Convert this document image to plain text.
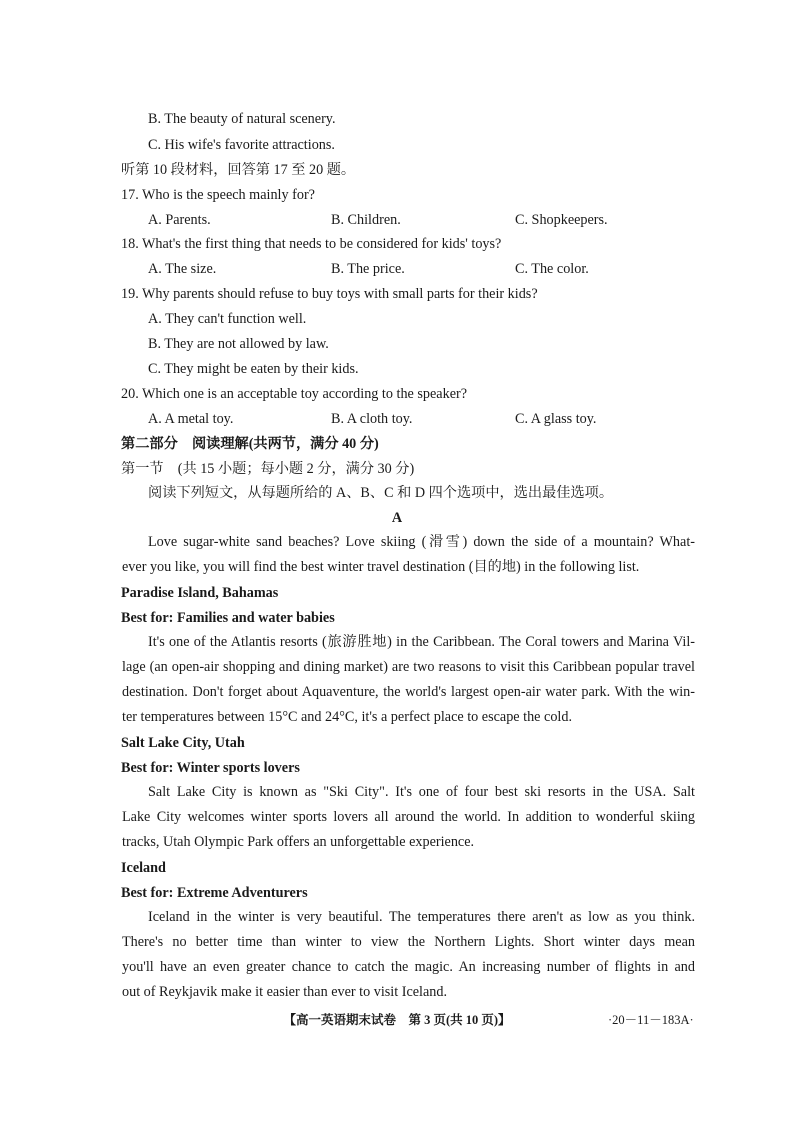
B. The beauty of natural scenery.
C. His wife's favorite attractions.
听第 10 段材料，回答第 17 至 20 题。
17. Who is the speech mainly for?
A. Parents.	B. Children.	C. Shopkeepers.
18. What's the first thing that needs to be considered for kids' toys?
A. The size.	B. The price.	C. The color.
19. Why parents should refuse to buy toys with small parts for their kids?
A. They can't function well.
B. They are not allowed by law.
C. They might be eaten by their kids.
20. Which one is an acceptable toy according to the speaker?
A. A metal toy.	B. A cloth toy.	C. A glass toy.
第二部分　阅读理解(共两节，满分 40 分)
第一节　(共 15 小题；每小题 2 分，满分 30 分)
阅读下列短文，从每题所给的 A、B、C 和 D 四个选项中，选出最佳选项。
A
Love sugar-white sand beaches? Love skiing (滑雪) down the side of a mountain? What-
ever you like, you will find the best winter travel destination (目的地) in the following list.
Paradise Island, Bahamas
Best for: Families and water babies
It's one of the Atlantis resorts (旅游胜地) in the Caribbean. The Coral towers and Marina Vil-
lage (an open-air shopping and dining market) are two reasons to visit this Caribbean popular travel
destination. Don't forget about Aquaventure, the world's largest open-air water park. With the win-
ter temperatures between 15°C and 24°C, it's a perfect place to escape the cold.
Salt Lake City, Utah
Best for: Winter sports lovers
Salt Lake City is known as "Ski City". It's one of four best ski resorts in the USA. Salt
Lake City welcomes winter sports lovers all around the world. In addition to wonderful skiing
tracks, Utah Olympic Park offers an unforgettable experience.
Iceland
Best for: Extreme Adventurers
Iceland in the winter is very beautiful. The temperatures there aren't as low as you think.
There's no better time than winter to view the Northern Lights. Short winter days mean
you'll have an even greater chance to catch the magic. An increasing number of flights in and
out of Reykjavik make it easier than ever to visit Iceland.
【高一英语期末试卷　第 3 页(共 10 页)】	·20－11－183A·
